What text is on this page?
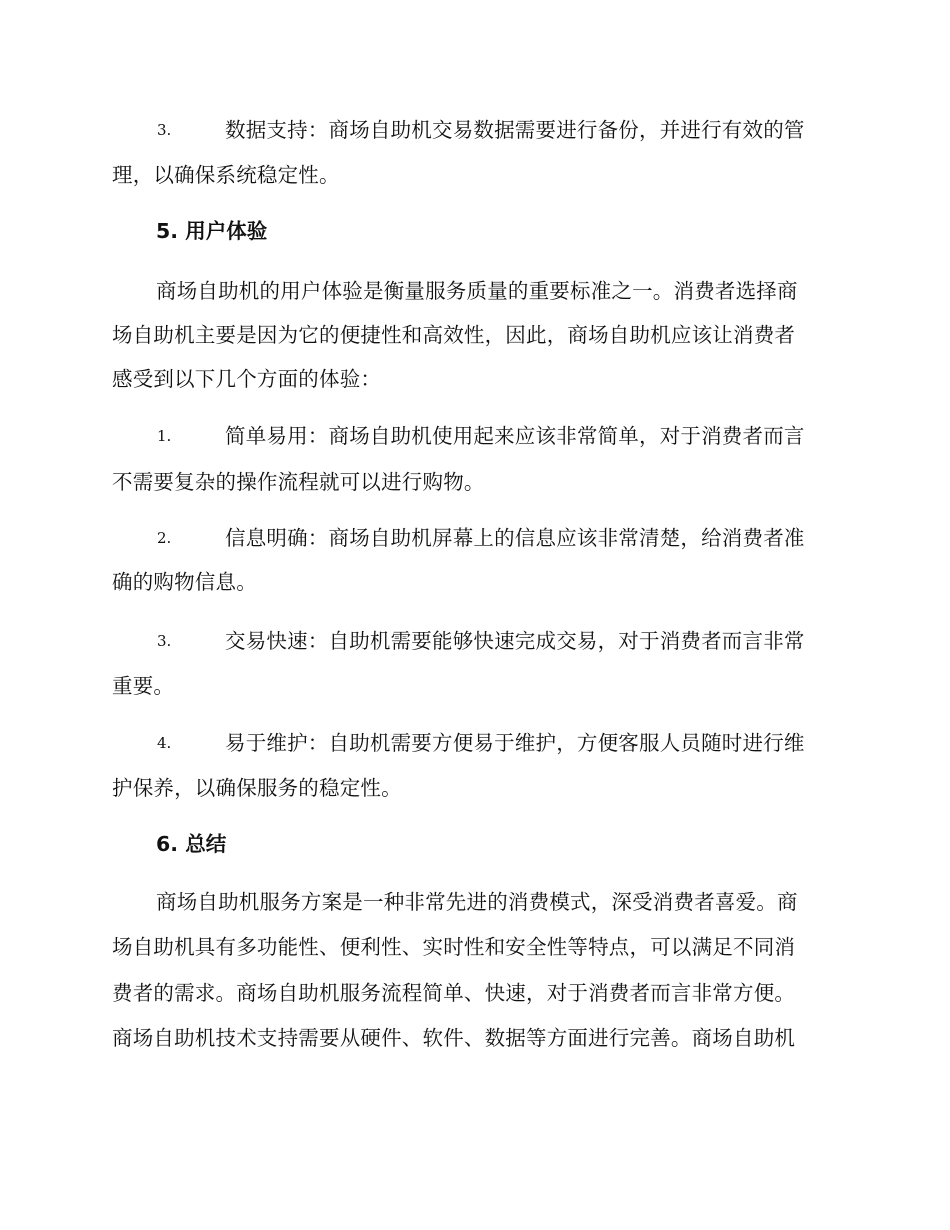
3.	数据支持：商场自助机交易数据需要进行备份，并进行有效的管
理，以确保系统稳定性。
5. 用户体验
商场自助机的用户体验是衡量服务质量的重要标准之一。消费者选择商
场自助机主要是因为它的便捷性和高效性，因此，商场自助机应该让消费者
感受到以下几个方面的体验：
1.	简单易用：商场自助机使用起来应该非常简单，对于消费者而言
不需要复杂的操作流程就可以进行购物。
2.	信息明确：商场自助机屏幕上的信息应该非常清楚，给消费者准
确的购物信息。
3.	交易快速：自助机需要能够快速完成交易，对于消费者而言非常
重要。
4.	易于维护：自助机需要方便易于维护，方便客服人员随时进行维
护保养，以确保服务的稳定性。
6. 总结
商场自助机服务方案是一种非常先进的消费模式，深受消费者喜爱。商
场自助机具有多功能性、便利性、实时性和安全性等特点，可以满足不同消
费者的需求。商场自助机服务流程简单、快速，对于消费者而言非常方便。
商场自助机技术支持需要从硬件、软件、数据等方面进行完善。商场自助机
